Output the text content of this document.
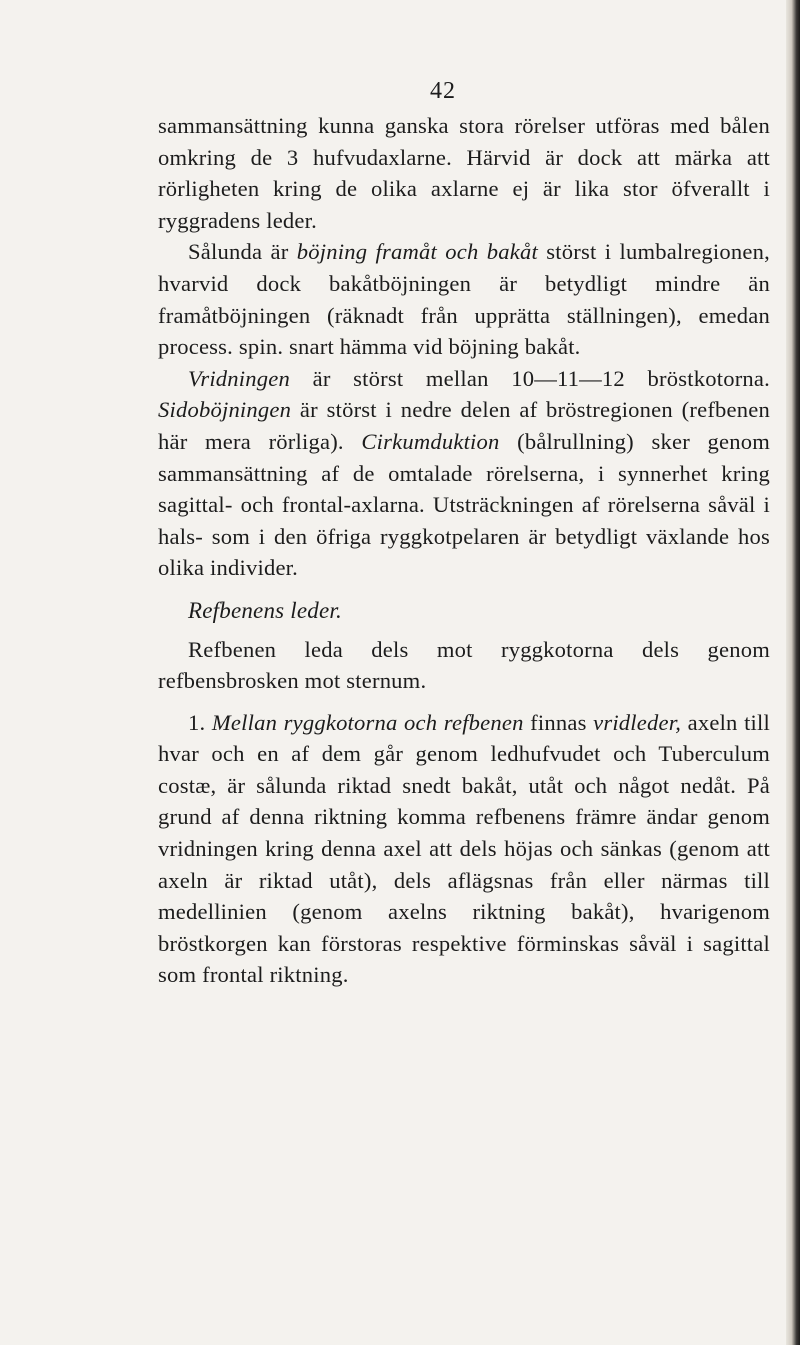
42

sammansättning kunna ganska stora rörelser utföras med bålen omkring de 3 hufvudaxlarne. Härvid är dock att märka att rörligheten kring de olika axlarne ej är lika stor öfverallt i ryggradens leder.

Sålunda är böjning framåt och bakåt störst i lumbalregionen, hvarvid dock bakåtböjningen är betydligt mindre än framåtböjningen (räknadt från upprätta ställningen), emedan process. spin. snart hämma vid böjning bakåt.

Vridningen är störst mellan 10—11—12 bröstkotorna. Sidoböjningen är störst i nedre delen af bröstregionen (refbenen här mera rörliga). Cirkumduktion (bålrullning) sker genom sammansättning af de omtalade rörelserna, i synnerhet kring sagittal- och frontal-axlarna. Utsträckningen af rörelserna såväl i hals- som i den öfriga ryggkotpelaren är betydligt växlande hos olika individer.

Refbenens leder.

Refbenen leda dels mot ryggkotorna dels genom refbensbrosken mot sternum.

1. Mellan ryggkotorna och refbenen finnas vridleder, axeln till hvar och en af dem går genom ledhufvudet och Tuberculum costæ, är sålunda riktad snedt bakåt, utåt och något nedåt. På grund af denna riktning komma refbenens främre ändar genom vridningen kring denna axel att dels höjas och sänkas (genom att axeln är riktad utåt), dels aflägsnas från eller närmas till medellinien (genom axelns riktning bakåt), hvarigenom bröstkorgen kan förstoras respektive förminskas såväl i sagittal som frontal riktning.
